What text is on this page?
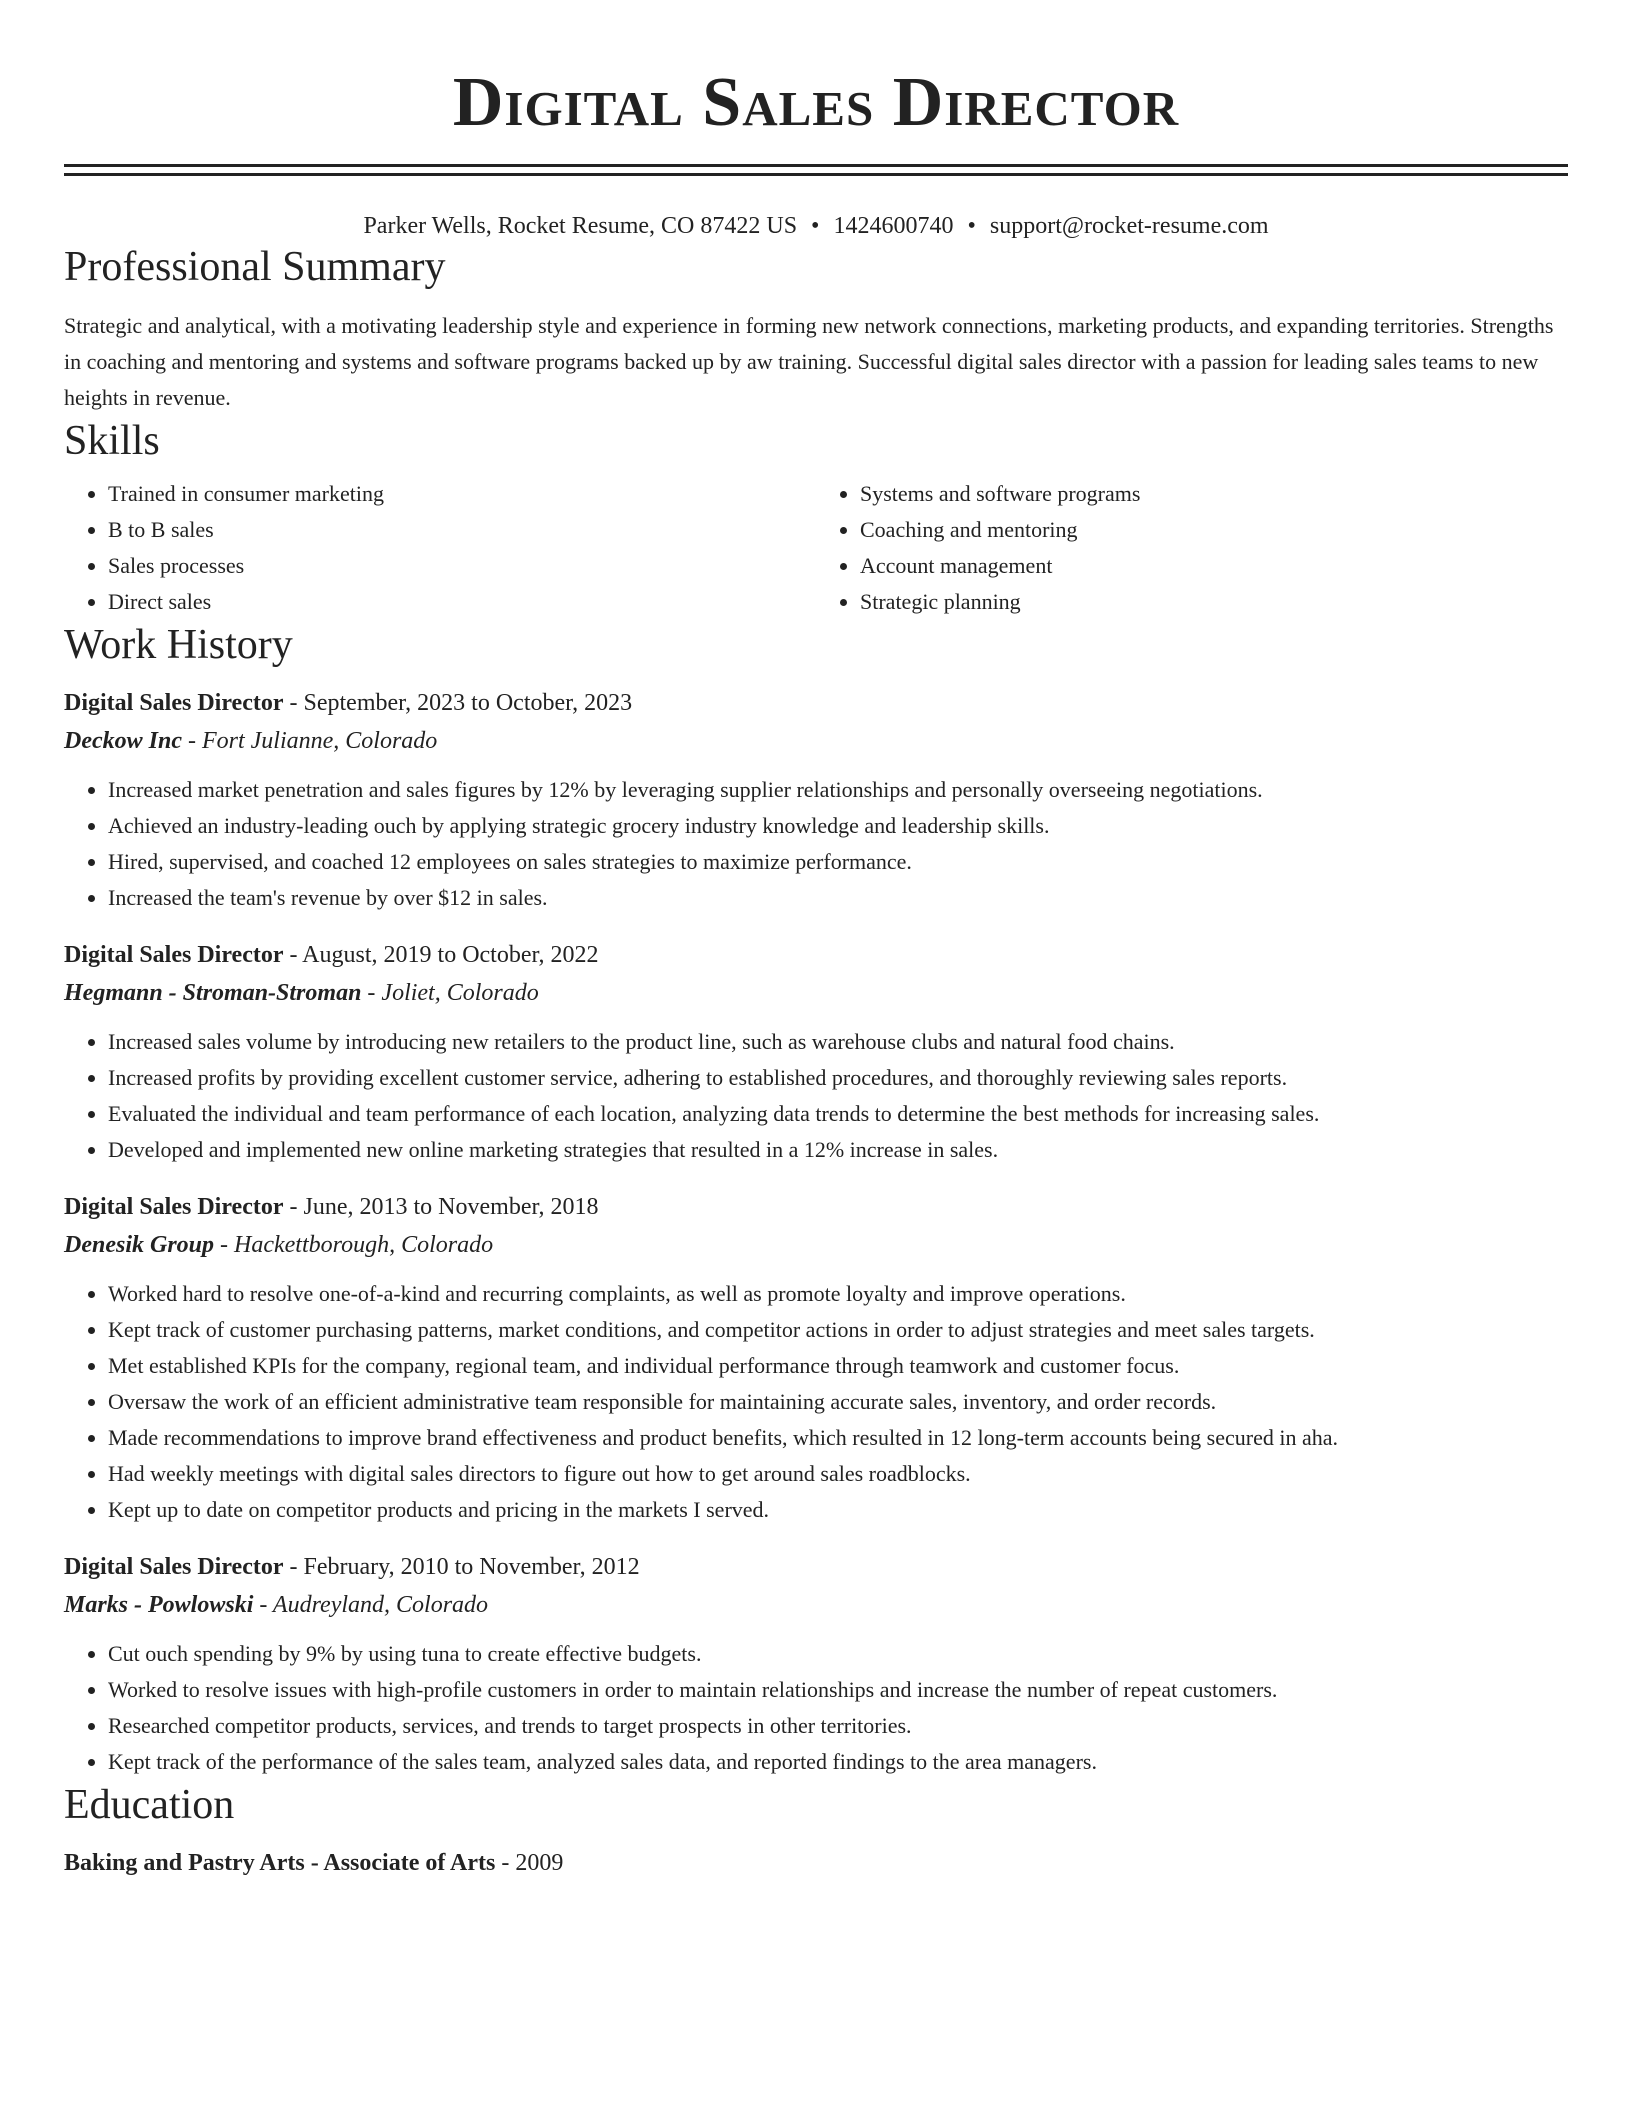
Digital Sales Director
Parker Wells, Rocket Resume, CO 87422 US • 1424600740 • support@rocket-resume.com
Professional Summary

Strategic and analytical, with a motivating leadership style and experience in forming new network connections, marketing products, and expanding territories. Strengths in coaching and mentoring and systems and software programs backed up by aw training. Successful digital sales director with a passion for leading sales teams to new heights in revenue.

Skills
• Trained in consumer marketing
• B to B sales
• Sales processes
• Direct sales
• Systems and software programs
• Coaching and mentoring
• Account management
• Strategic planning
Work History
Digital Sales Director - September, 2023 to October, 2023
Deckow Inc - Fort Julianne, Colorado
• Increased market penetration and sales figures by 12% by leveraging supplier relationships and personally overseeing negotiations.
• Achieved an industry-leading ouch by applying strategic grocery industry knowledge and leadership skills.
• Hired, supervised, and coached 12 employees on sales strategies to maximize performance.
• Increased the team's revenue by over $12 in sales.
Digital Sales Director - August, 2019 to October, 2022
Hegmann - Stroman-Stroman - Joliet, Colorado
• Increased sales volume by introducing new retailers to the product line, such as warehouse clubs and natural food chains.
• Increased profits by providing excellent customer service, adhering to established procedures, and thoroughly reviewing sales reports.
• Evaluated the individual and team performance of each location, analyzing data trends to determine the best methods for increasing sales.
• Developed and implemented new online marketing strategies that resulted in a 12% increase in sales.
Digital Sales Director - June, 2013 to November, 2018
Denesik Group - Hackettborough, Colorado
• Worked hard to resolve one-of-a-kind and recurring complaints, as well as promote loyalty and improve operations.
• Kept track of customer purchasing patterns, market conditions, and competitor actions in order to adjust strategies and meet sales targets.
• Met established KPIs for the company, regional team, and individual performance through teamwork and customer focus.
• Oversaw the work of an efficient administrative team responsible for maintaining accurate sales, inventory, and order records.
• Made recommendations to improve brand effectiveness and product benefits, which resulted in 12 long-term accounts being secured in aha.
• Had weekly meetings with digital sales directors to figure out how to get around sales roadblocks.
• Kept up to date on competitor products and pricing in the markets I served.
Digital Sales Director - February, 2010 to November, 2012
Marks - Powlowski - Audreyland, Colorado
• Cut ouch spending by 9% by using tuna to create effective budgets.
• Worked to resolve issues with high-profile customers in order to maintain relationships and increase the number of repeat customers.
• Researched competitor products, services, and trends to target prospects in other territories.
• Kept track of the performance of the sales team, analyzed sales data, and reported findings to the area managers.
Education
Baking and Pastry Arts - Associate of Arts - 2009
